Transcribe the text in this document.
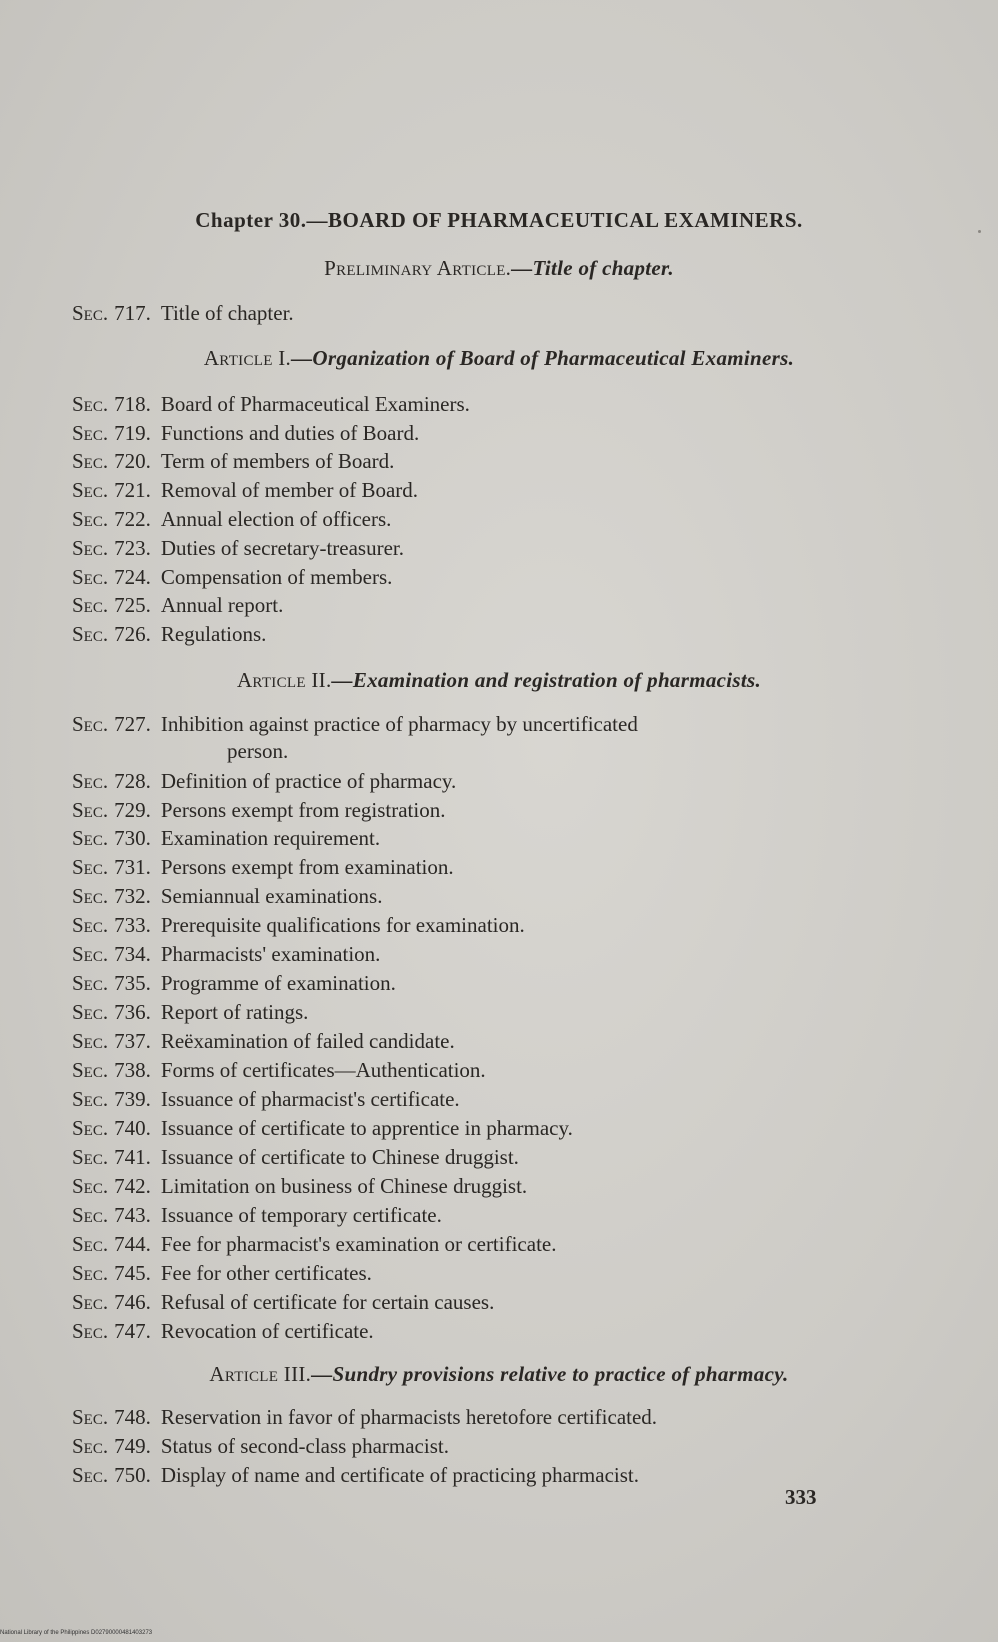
Chapter 30.—BOARD OF PHARMACEUTICAL EXAMINERS.
Preliminary Article.—Title of chapter.
Sec. 717. Title of chapter.
Article I.—Organization of Board of Pharmaceutical Examiners.
Sec. 718. Board of Pharmaceutical Examiners.
Sec. 719. Functions and duties of Board.
Sec. 720. Term of members of Board.
Sec. 721. Removal of member of Board.
Sec. 722. Annual election of officers.
Sec. 723. Duties of secretary-treasurer.
Sec. 724. Compensation of members.
Sec. 725. Annual report.
Sec. 726. Regulations.
Article II.—Examination and registration of pharmacists.
Sec. 727. Inhibition against practice of pharmacy by uncertificated
person.
Sec. 728. Definition of practice of pharmacy.
Sec. 729. Persons exempt from registration.
Sec. 730. Examination requirement.
Sec. 731. Persons exempt from examination.
Sec. 732. Semiannual examinations.
Sec. 733. Prerequisite qualifications for examination.
Sec. 734. Pharmacists' examination.
Sec. 735. Programme of examination.
Sec. 736. Report of ratings.
Sec. 737. Reëxamination of failed candidate.
Sec. 738. Forms of certificates—Authentication.
Sec. 739. Issuance of pharmacist's certificate.
Sec. 740. Issuance of certificate to apprentice in pharmacy.
Sec. 741. Issuance of certificate to Chinese druggist.
Sec. 742. Limitation on business of Chinese druggist.
Sec. 743. Issuance of temporary certificate.
Sec. 744. Fee for pharmacist's examination or certificate.
Sec. 745. Fee for other certificates.
Sec. 746. Refusal of certificate for certain causes.
Sec. 747. Revocation of certificate.
Article III.—Sundry provisions relative to practice of pharmacy.
Sec. 748. Reservation in favor of pharmacists heretofore certificated.
Sec. 749. Status of second-class pharmacist.
Sec. 750. Display of name and certificate of practicing pharmacist.
333
National Library of the Philippines D02790000481403273
